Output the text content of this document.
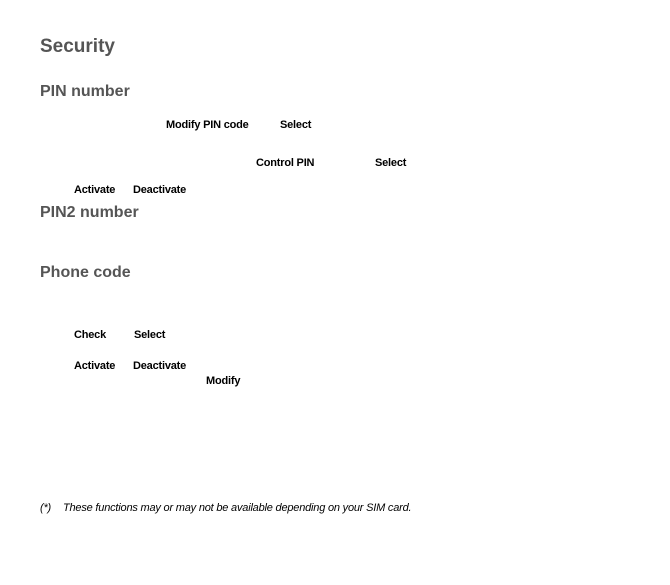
Security
PIN number
Modify PIN code	Select
Control PIN	Select
Activate Deactivate
PIN2 number
Phone code
Check	Select
Activate Deactivate
Modify
(*) These functions may or may not be available depending on your SIM card.
